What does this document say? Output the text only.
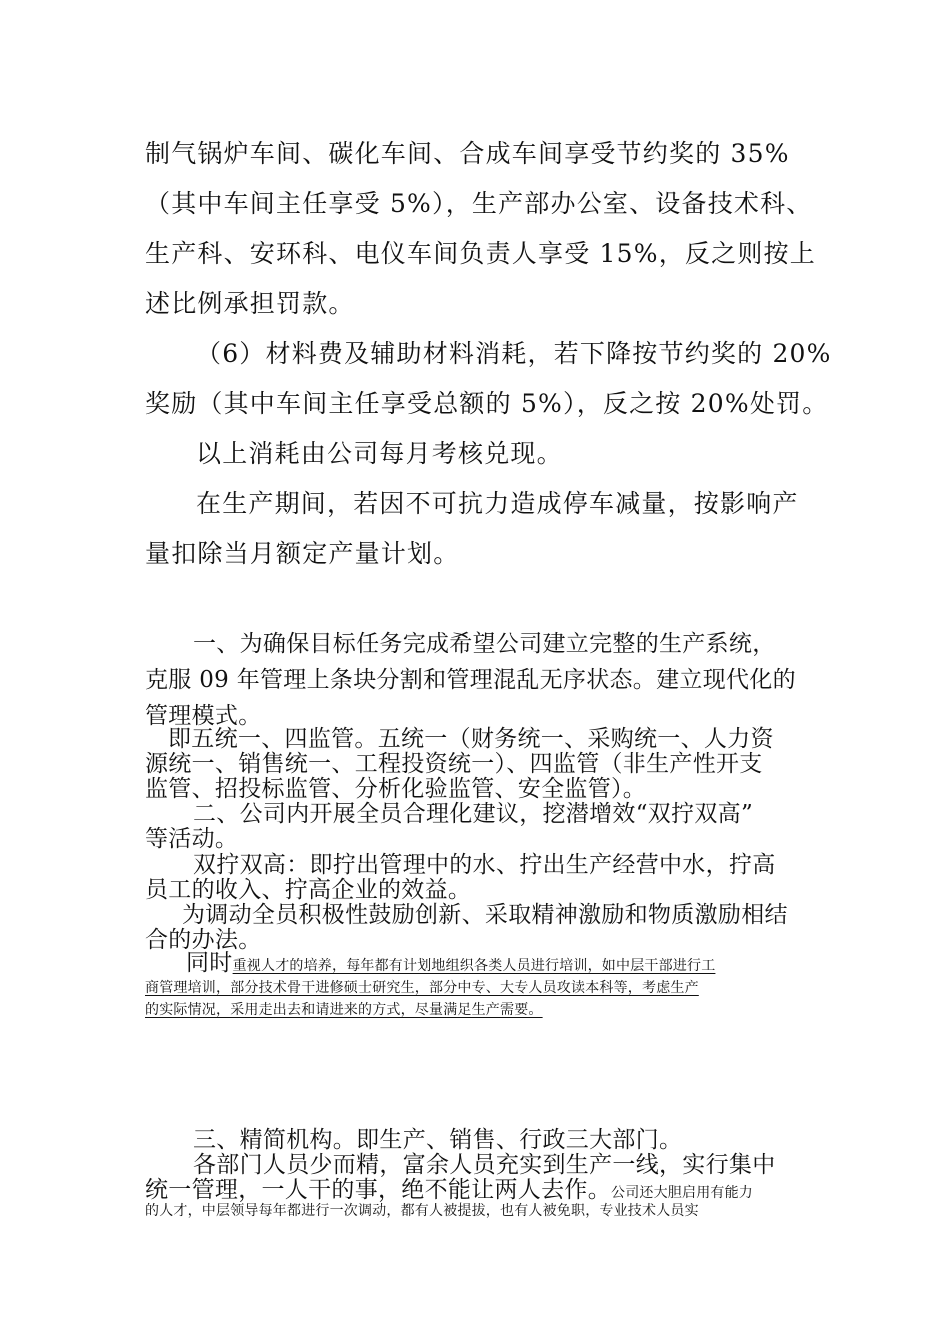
制气锅炉车间、碳化车间、合成车间享受节约奖的 35%
（其中车间主任享受 5%），生产部办公室、设备技术科、
生产科、安环科、电仪车间负责人享受 15%，反之则按上
述比例承担罚款。
（6）材料费及辅助材料消耗，若下降按节约奖的 20%
奖励（其中车间主任享受总额的 5%），反之按 20%处罚。
以上消耗由公司每月考核兑现。
在生产期间，若因不可抗力造成停车减量，按影响产
量扣除当月额定产量计划。
一、为确保目标任务完成希望公司建立完整的生产系统，
克服 09 年管理上条块分割和管理混乱无序状态。建立现代化的
管理模式。
即五统一、四监管。五统一（财务统一、采购统一、人力资
源统一、销售统一、工程投资统一）、四监管（非生产性开支
监管、招投标监管、分析化验监管、安全监管）。
二、公司内开展全员合理化建议，挖潜增效“双拧双高”
等活动。
双拧双高：即拧出管理中的水、拧出生产经营中水，拧高
员工的收入、拧高企业的效益。
为调动全员积极性鼓励创新、采取精神激励和物质激励相结
合的办法。
同时重视人才的培养，每年都有计划地组织各类人员进行培训，如中层干部进行工
商管理培训，部分技术骨干进修硕士研究生，部分中专、大专人员攻读本科等，考虑生产
的实际情况，采用走出去和请进来的方式，尽量满足生产需要。
三、精简机构。即生产、销售、行政三大部门。
各部门人员少而精，富余人员充实到生产一线，实行集中
统一管理，一人干的事，绝不能让两人去作。公司还大胆启用有能力
的人才，中层领导每年都进行一次调动，都有人被提拔，也有人被免职，专业技术人员实
